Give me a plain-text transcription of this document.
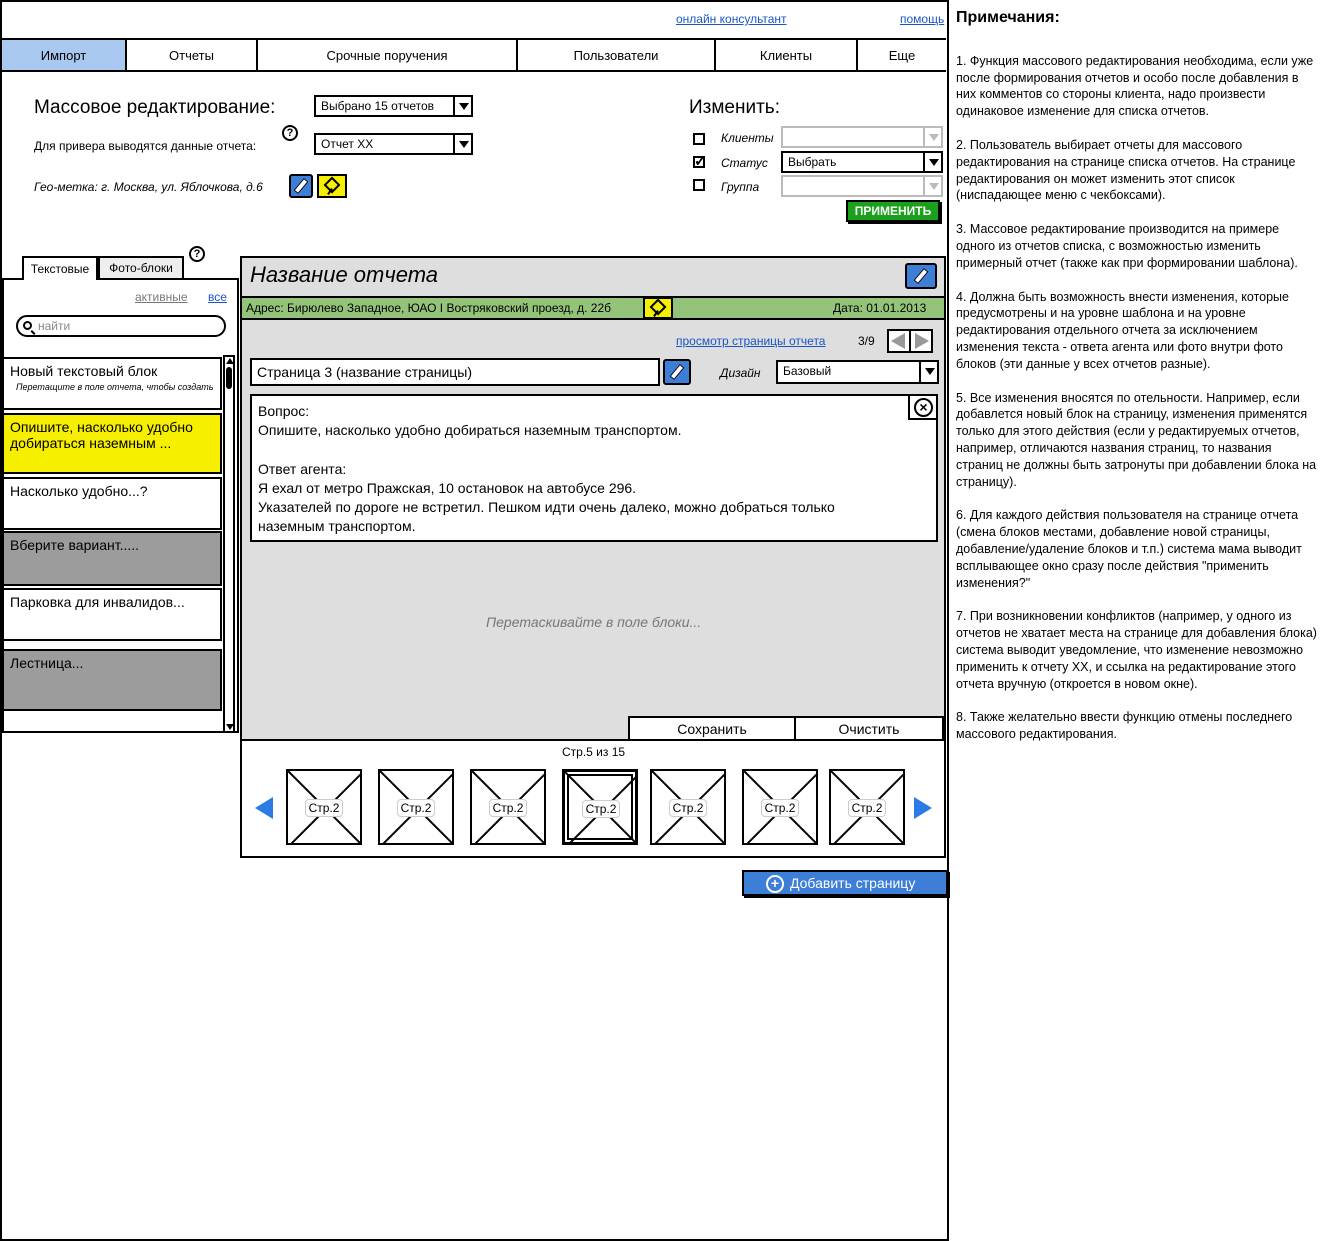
онлайн консультант	помощь
Импорт	Отчеты	Срочные поручения	Пользователи	Клиенты	Еще
Массовое редактирование:	Выбрано 15 отчетов
Для привера выводятся данные отчета:
?
Отчет XX
Гео-метка: г. Москва, ул. Яблочкова, д.6
Изменить:
Клиенты
✓
Статус	Выбрать
Группа
ПРИМЕНИТЬ
Текстовые	Фото-блоки
?
активные все
найти
Новый текстовый блок
Перетащите в поле отчета, чтобы создать
Опишите, насколько удобно добираться наземным ...
Насколько удобно...?
Вберите вариант.....
Парковка для инвалидов...
Лестница...
Название отчета
Адрес: Бирюлево Западное, ЮАО I Востряковский проезд, д. 22б	Дата: 01.01.2013
просмотр страницы отчета	3/9
Страница 3 (название страницы)	Дизайн	Базовый
Вопрос:
Опишите, насколько удобно добираться наземным транспортом.
Ответ агента:
Я ехал от метро Пражская, 10 остановок на автобусе 296.
Указателей по дороге не встретил. Пешком идти очень далеко, можно добраться только
наземным транспортом.
×
Перетаскивайте в поле блоки...
Сохранить	Очистить
Стр.5 из 15
Стр.2	Стр.2	Стр.2	Стр.2	Стр.2	Стр.2	Стр.2
+ Добавить страницу
Примечания:

1. Функция массового редактирования необходима, если уже после формирования отчетов и особо после добавления в них комментов со стороны клиента, надо произвести одинаковое изменение для списка отчетов.

2. Пользователь выбирает отчеты для массового редактирования на странице списка отчетов. На странице редактирования он может изменить этот список (ниспадающее меню с чекбоксами).

3. Массовое редактирование производится на примере одного из отчетов списка, с возможностью изменить примерный отчет (также как при формировании шаблона).

4. Должна быть возможность внести изменения, которые предусмотрены и на уровне шаблона и на уровне редактирования отдельного отчета за исключением изменения текста - ответа агента или фото внутри фото блоков (эти данные у всех отчетов разные).

5. Все изменения вносятся по отельности. Например, если добавлется новый блок на страницу, изменения применятся только для этого действия (если у редактируемых отчетов, например, отличаются названия страниц, то названия страниц не должны быть затронуты при добавлении блока на страницу).

6. Для каждого действия пользователя на странице отчета (смена блоков местами, добавление новой страницы, добавление/удаление блоков и т.п.) система мама выводит всплывающее окно сразу после действия "применить изменения?"

7. При возникновении конфликтов (например, у одного из отчетов не хватает места на странице для добавления блока) система выводит уведомление, что изменение невозможно применить к отчету XX, и ссылка на редактирование этого отчета вручную (откроется в новом окне).

8. Также желательно ввести функцию отмены последнего массового редактирования.
